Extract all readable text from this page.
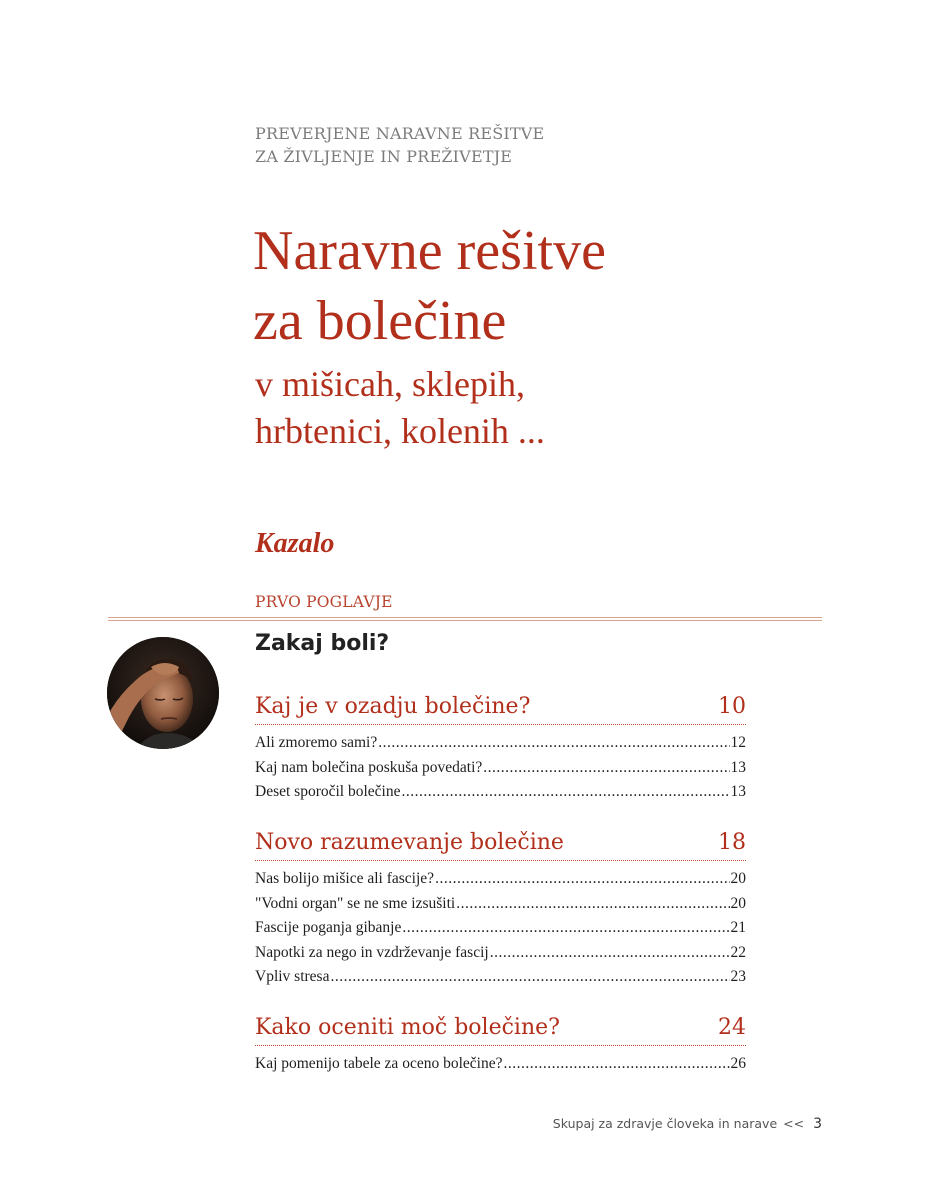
PREVERJENE NARAVNE REŠITVE
ZA ŽIVLJENJE IN PREŽIVETJE
Naravne rešitve
za bolečine
v mišicah, sklepih,
hrbtenici, kolenih ...
Kazalo
PRVO POGLAVJE
Zakaj boli?
Kaj je v ozadju bolečine?	10
Ali zmoremo sami? .....	12
Kaj nam bolečina poskuša povedati? .....	13
Deset sporočil bolečine .....	13
Novo razumevanje bolečine	18
Nas bolijo mišice ali fascije? .....	20
"Vodni organ" se ne sme izsušiti .....	20
Fascije poganja gibanje .....	21
Napotki za nego in vzdrževanje fascij .....	22
Vpliv stresa .....	23
Kako oceniti moč bolečine?	24
Kaj pomenijo tabele za oceno bolečine? .....	26
Skupaj za zdravje človeka in narave << 3
